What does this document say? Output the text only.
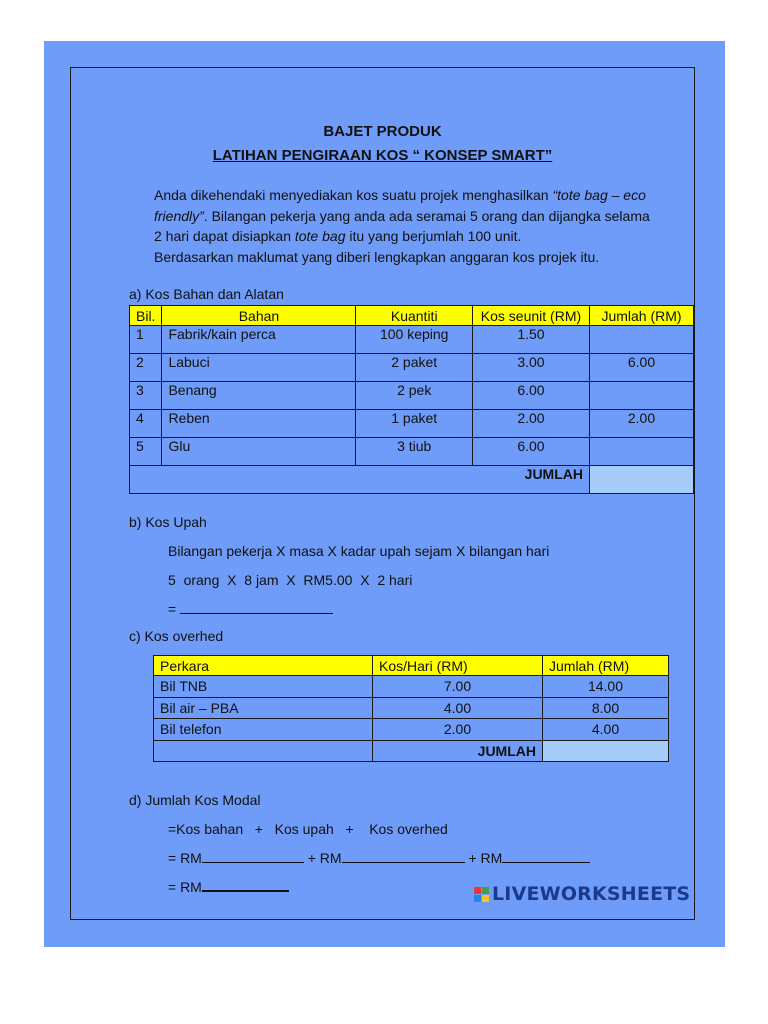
BAJET PRODUK
LATIHAN PENGIRAAN KOS “ KONSEP SMART”
Anda dikehendaki menyediakan kos suatu projek menghasilkan “tote bag – eco
friendly”. Bilangan pekerja yang anda ada seramai 5 orang dan dijangka selama
2 hari dapat disiapkan tote bag itu yang berjumlah 100 unit.
Berdasarkan maklumat yang diberi lengkapkan anggaran kos projek itu.
a) Kos Bahan dan Alatan
Bil.	Bahan	Kuantiti	Kos seunit (RM)	Jumlah (RM)
1	Fabrik/kain perca	100 keping	1.50	
2	Labuci	2 paket	3.00	6.00
3	Benang	2 pek	6.00	
4	Reben	1 paket	2.00	2.00
5	Glu	3 tiub	6.00	
JUMLAH				
b) Kos Upah
Bilangan pekerja X masa X kadar upah sejam X bilangan hari
5  orang  X  8 jam  X  RM5.00  X  2 hari
=
c) Kos overhed
Perkara	Kos/Hari (RM)	Jumlah (RM)
Bil TNB	7.00	14.00
Bil air – PBA	4.00	8.00
Bil telefon	2.00	4.00
	JUMLAH	
d) Jumlah Kos Modal
=Kos bahan   +   Kos upah   +    Kos overhed
= RM	+ RM	+ RM
= RM	LIVEWORKSHEETS
